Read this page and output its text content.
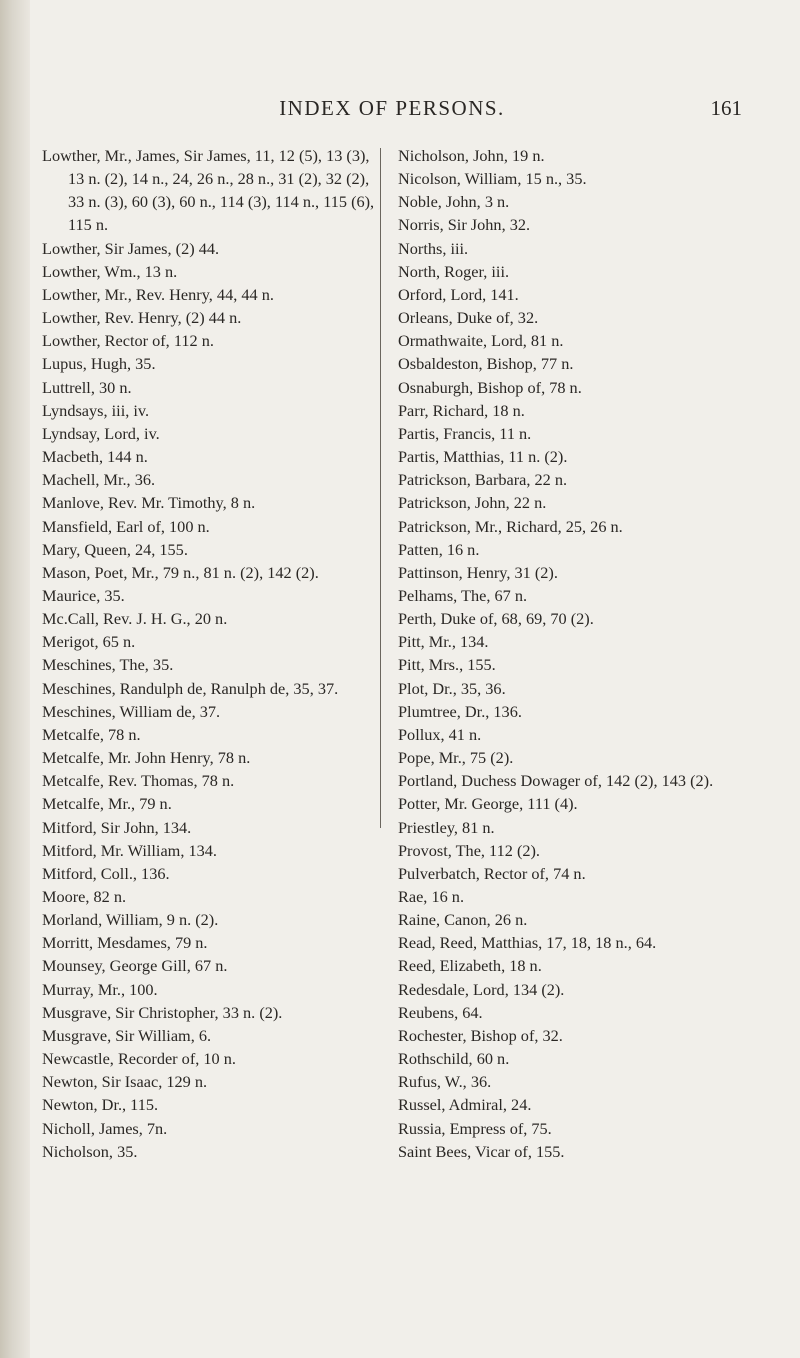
INDEX OF PERSONS.	161

Lowther, Mr., James, Sir James, 11, 12 (5), 13 (3), 13 n. (2), 14 n., 24, 26 n., 28 n., 31 (2), 32 (2), 33 n. (3), 60 (3), 60 n., 114 (3), 114 n., 115 (6), 115 n.

Lowther, Sir James, (2) 44.

Lowther, Wm., 13 n.

Lowther, Mr., Rev. Henry, 44, 44 n.

Lowther, Rev. Henry, (2) 44 n.

Lowther, Rector of, 112 n.

Lupus, Hugh, 35.

Luttrell, 30 n.

Lyndsays, iii, iv.

Lyndsay, Lord, iv.

Macbeth, 144 n.

Machell, Mr., 36.

Manlove, Rev. Mr. Timothy, 8 n.

Mansfield, Earl of, 100 n.

Mary, Queen, 24, 155.

Mason, Poet, Mr., 79 n., 81 n. (2), 142 (2).

Maurice, 35.

Mc.Call, Rev. J. H. G., 20 n.

Merigot, 65 n.

Meschines, The, 35.

Meschines, Randulph de, Ranulph de, 35, 37.

Meschines, William de, 37.

Metcalfe, 78 n.

Metcalfe, Mr. John Henry, 78 n.

Metcalfe, Rev. Thomas, 78 n.

Metcalfe, Mr., 79 n.

Mitford, Sir John, 134.

Mitford, Mr. William, 134.

Mitford, Coll., 136.

Moore, 82 n.

Morland, William, 9 n. (2).

Morritt, Mesdames, 79 n.

Mounsey, George Gill, 67 n.

Murray, Mr., 100.

Musgrave, Sir Christopher, 33 n. (2).

Musgrave, Sir William, 6.

Newcastle, Recorder of, 10 n.

Newton, Sir Isaac, 129 n.

Newton, Dr., 115.

Nicholl, James, 7n.

Nicholson, 35.

Nicholson, John, 19 n.

Nicolson, William, 15 n., 35.

Noble, John, 3 n.

Norris, Sir John, 32.

Norths, iii.

North, Roger, iii.

Orford, Lord, 141.

Orleans, Duke of, 32.

Ormathwaite, Lord, 81 n.

Osbaldeston, Bishop, 77 n.

Osnaburgh, Bishop of, 78 n.

Parr, Richard, 18 n.

Partis, Francis, 11 n.

Partis, Matthias, 11 n. (2).

Patrickson, Barbara, 22 n.

Patrickson, John, 22 n.

Patrickson, Mr., Richard, 25, 26 n.

Patten, 16 n.

Pattinson, Henry, 31 (2).

Pelhams, The, 67 n.

Perth, Duke of, 68, 69, 70 (2).

Pitt, Mr., 134.

Pitt, Mrs., 155.

Plot, Dr., 35, 36.

Plumtree, Dr., 136.

Pollux, 41 n.

Pope, Mr., 75 (2).

Portland, Duchess Dowager of, 142 (2), 143 (2).

Potter, Mr. George, 111 (4).

Priestley, 81 n.

Provost, The, 112 (2).

Pulverbatch, Rector of, 74 n.

Rae, 16 n.

Raine, Canon, 26 n.

Read, Reed, Matthias, 17, 18, 18 n., 64.

Reed, Elizabeth, 18 n.

Redesdale, Lord, 134 (2).

Reubens, 64.

Rochester, Bishop of, 32.

Rothschild, 60 n.

Rufus, W., 36.

Russel, Admiral, 24.

Russia, Empress of, 75.

Saint Bees, Vicar of, 155.
